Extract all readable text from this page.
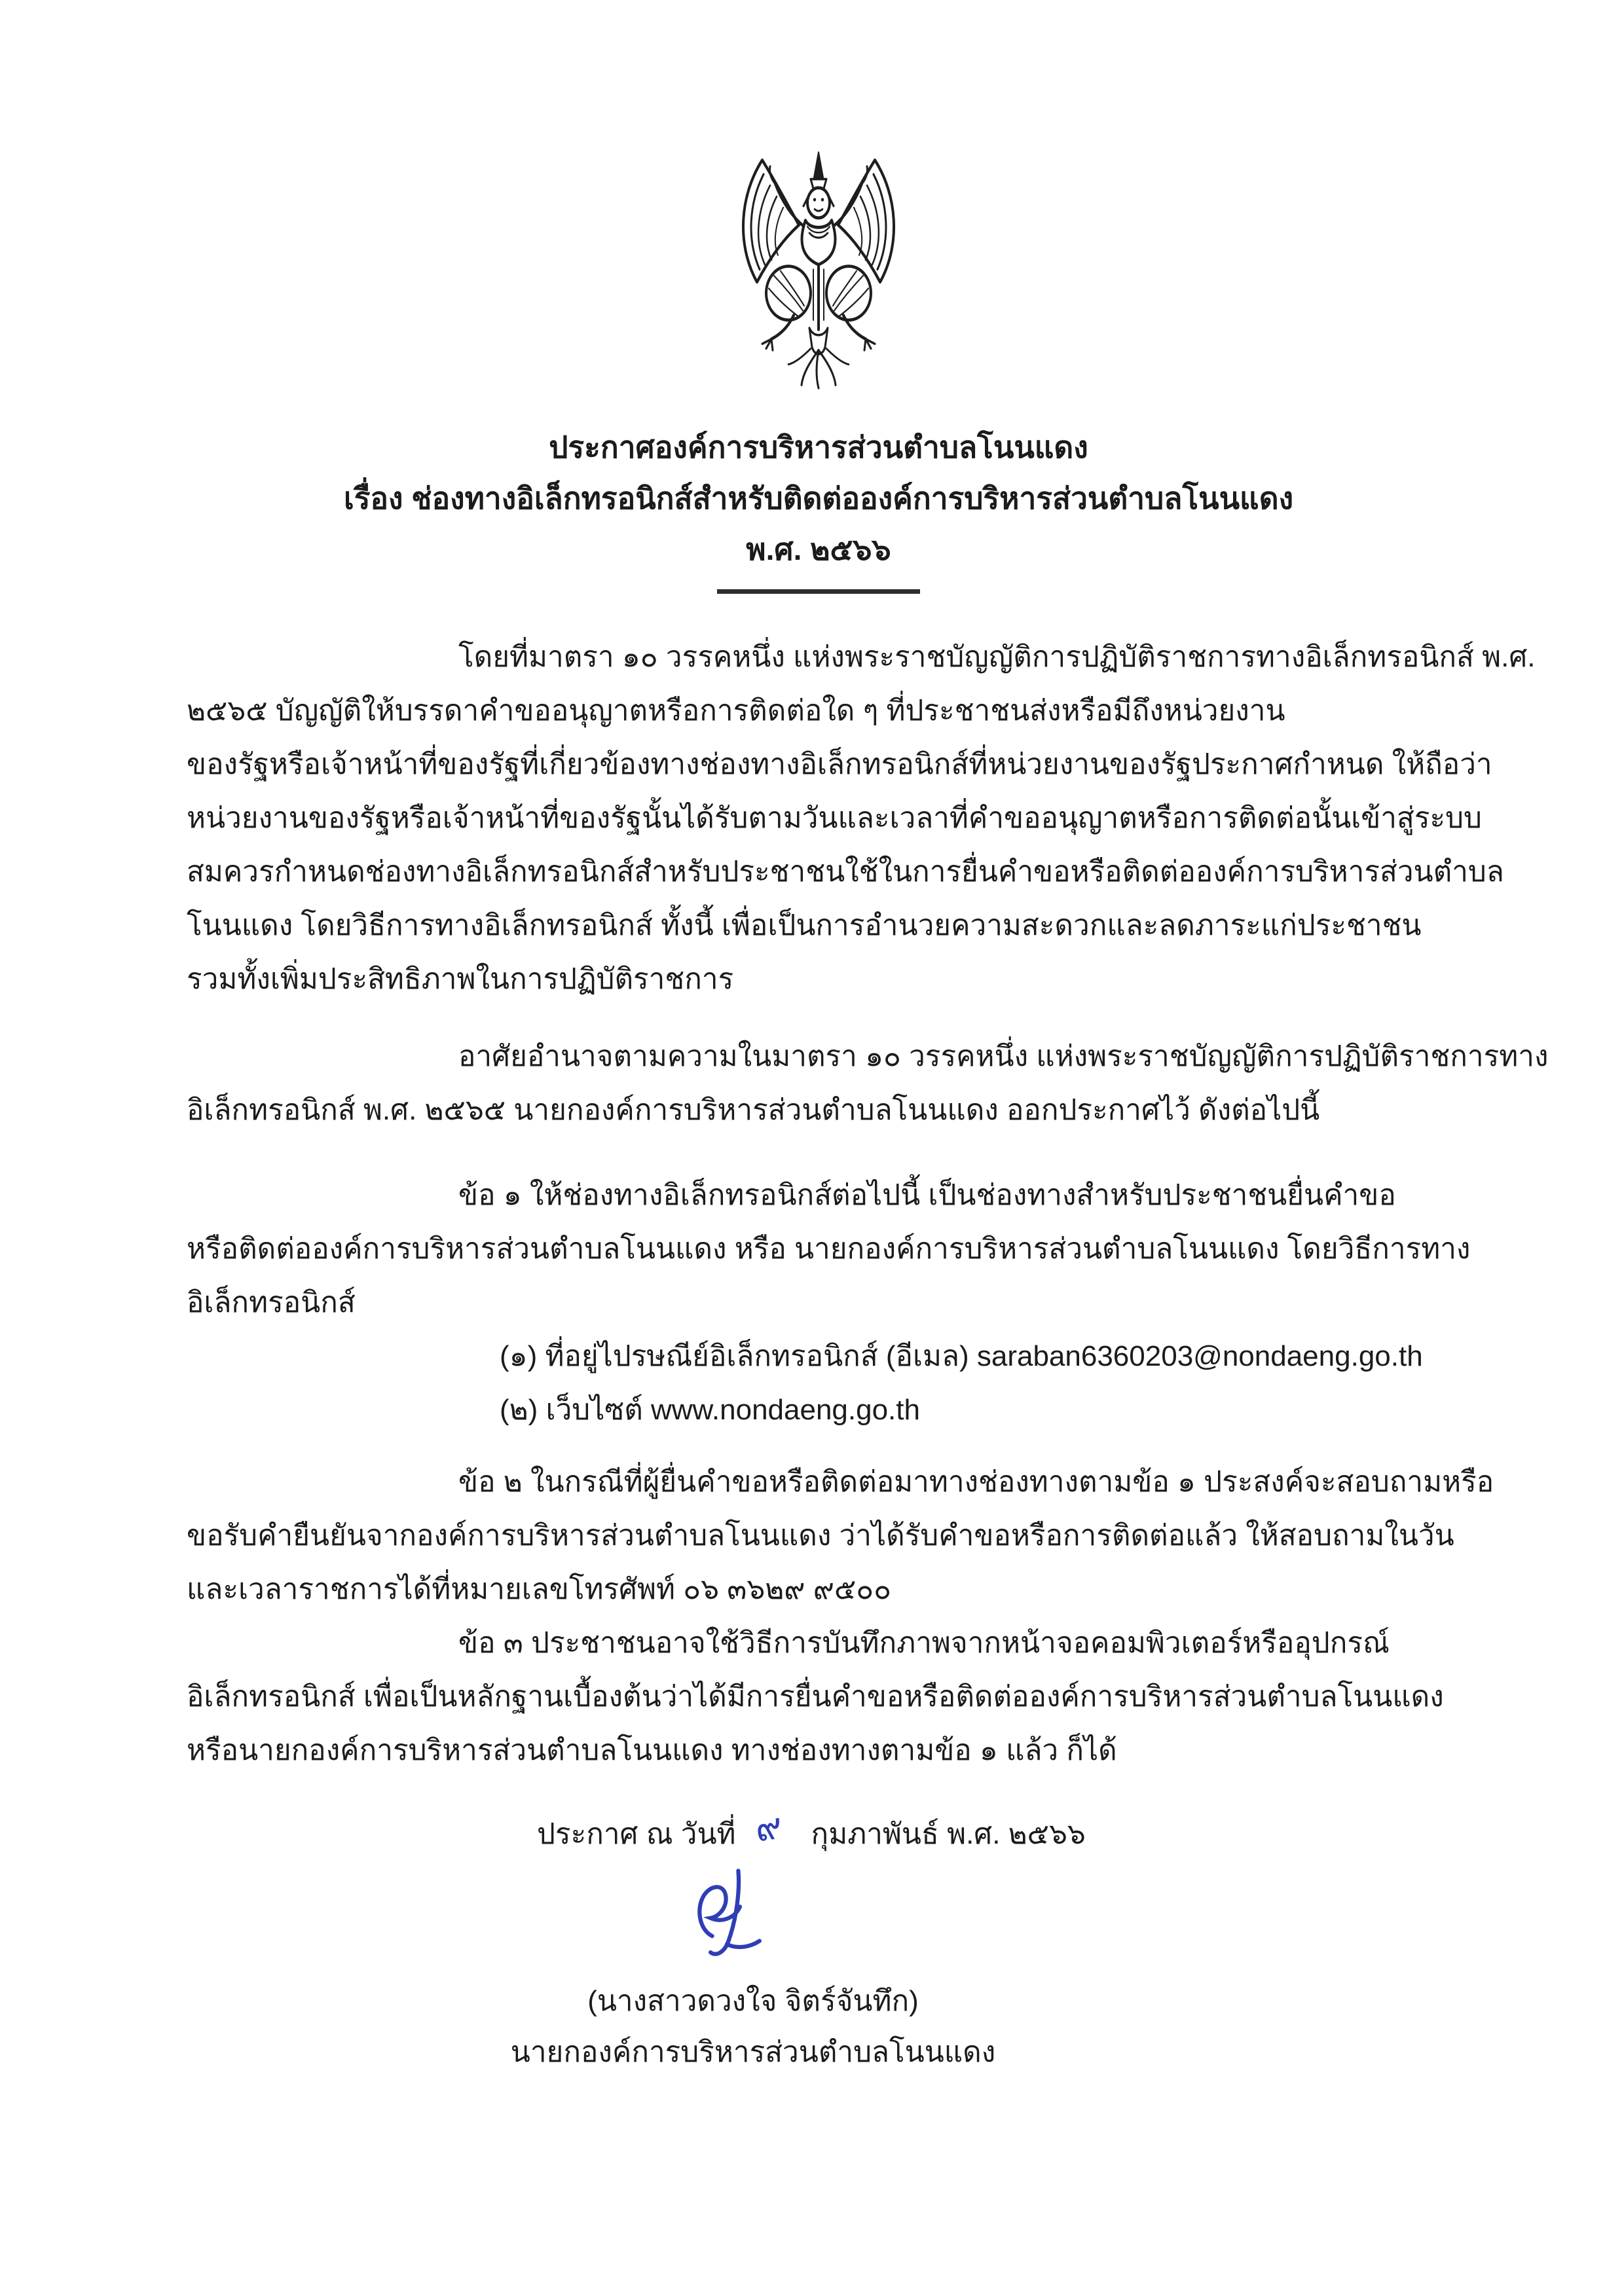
ประกาศองค์การบริหารส่วนตำบลโนนแดง
เรื่อง ช่องทางอิเล็กทรอนิกส์สำหรับติดต่อองค์การบริหารส่วนตำบลโนนแดง
พ.ศ. ๒๕๖๖
โดยที่มาตรา ๑๐ วรรคหนึ่ง แห่งพระราชบัญญัติการปฏิบัติราชการทางอิเล็กทรอนิกส์ พ.ศ.
๒๕๖๕ บัญญัติให้บรรดาคำขออนุญาตหรือการติดต่อใด ๆ ที่ประชาชนส่งหรือมีถึงหน่วยงาน
ของรัฐหรือเจ้าหน้าที่ของรัฐที่เกี่ยวข้องทางช่องทางอิเล็กทรอนิกส์ที่หน่วยงานของรัฐประกาศกำหนด ให้ถือว่า
หน่วยงานของรัฐหรือเจ้าหน้าที่ของรัฐนั้นได้รับตามวันและเวลาที่คำขออนุญาตหรือการติดต่อนั้นเข้าสู่ระบบ
สมควรกำหนดช่องทางอิเล็กทรอนิกส์สำหรับประชาชนใช้ในการยื่นคำขอหรือติดต่อองค์การบริหารส่วนตำบล
โนนแดง โดยวิธีการทางอิเล็กทรอนิกส์ ทั้งนี้ เพื่อเป็นการอำนวยความสะดวกและลดภาระแก่ประชาชน
รวมทั้งเพิ่มประสิทธิภาพในการปฏิบัติราชการ
อาศัยอำนาจตามความในมาตรา ๑๐ วรรคหนึ่ง แห่งพระราชบัญญัติการปฏิบัติราชการทาง
อิเล็กทรอนิกส์ พ.ศ. ๒๕๖๕ นายกองค์การบริหารส่วนตำบลโนนแดง ออกประกาศไว้ ดังต่อไปนี้
ข้อ ๑ ให้ช่องทางอิเล็กทรอนิกส์ต่อไปนี้ เป็นช่องทางสำหรับประชาชนยื่นคำขอ
หรือติดต่อองค์การบริหารส่วนตำบลโนนแดง หรือ นายกองค์การบริหารส่วนตำบลโนนแดง โดยวิธีการทาง
อิเล็กทรอนิกส์
(๑) ที่อยู่ไปรษณีย์อิเล็กทรอนิกส์ (อีเมล) saraban6360203@nondaeng.go.th
(๒) เว็บไซต์ www.nondaeng.go.th
ข้อ ๒ ในกรณีที่ผู้ยื่นคำขอหรือติดต่อมาทางช่องทางตามข้อ ๑ ประสงค์จะสอบถามหรือ
ขอรับคำยืนยันจากองค์การบริหารส่วนตำบลโนนแดง ว่าได้รับคำขอหรือการติดต่อแล้ว ให้สอบถามในวัน
และเวลาราชการได้ที่หมายเลขโทรศัพท์ ๐๖ ๓๖๒๙ ๙๕๐๐
ข้อ ๓ ประชาชนอาจใช้วิธีการบันทึกภาพจากหน้าจอคอมพิวเตอร์หรืออุปกรณ์
อิเล็กทรอนิกส์ เพื่อเป็นหลักฐานเบื้องต้นว่าได้มีการยื่นคำขอหรือติดต่อองค์การบริหารส่วนตำบลโนนแดง
หรือนายกองค์การบริหารส่วนตำบลโนนแดง ทางช่องทางตามข้อ ๑ แล้ว ก็ได้
ประกาศ ณ วันที่ ๙ กุมภาพันธ์ พ.ศ. ๒๕๖๖
(นางสาวดวงใจ จิตร์จันทึก)
นายกองค์การบริหารส่วนตำบลโนนแดง
